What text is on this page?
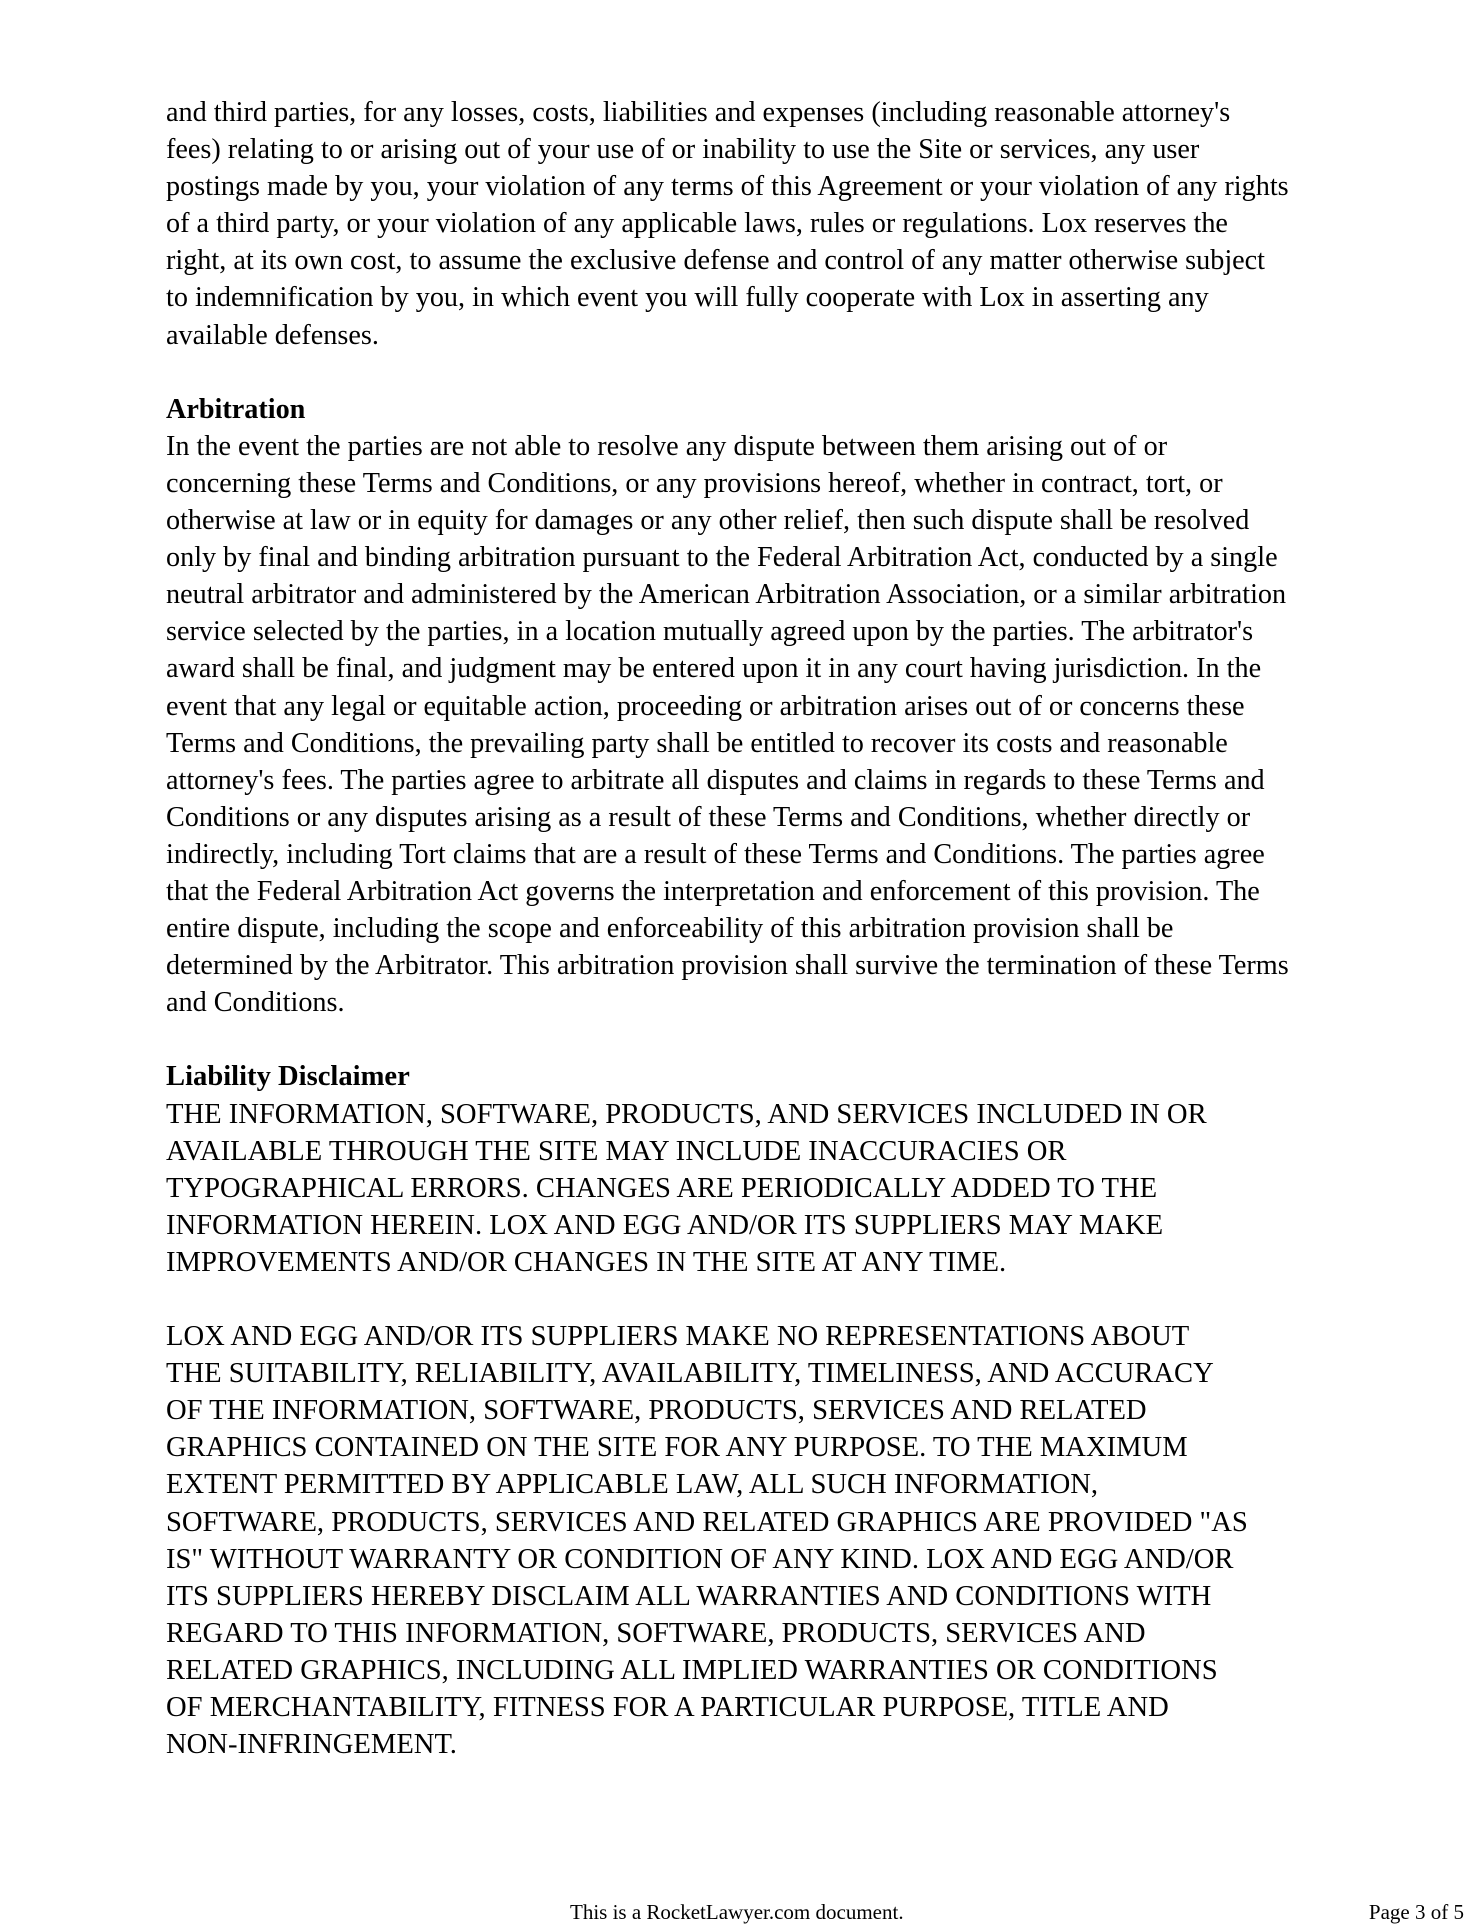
and third parties, for any losses, costs, liabilities and expenses (including reasonable attorney's
fees) relating to or arising out of your use of or inability to use the Site or services, any user
postings made by you, your violation of any terms of this Agreement or your violation of any rights
of a third party, or your violation of any applicable laws, rules or regulations. Lox reserves the
right, at its own cost, to assume the exclusive defense and control of any matter otherwise subject
to indemnification by you, in which event you will fully cooperate with Lox in asserting any
available defenses.
Arbitration
In the event the parties are not able to resolve any dispute between them arising out of or
concerning these Terms and Conditions, or any provisions hereof, whether in contract, tort, or
otherwise at law or in equity for damages or any other relief, then such dispute shall be resolved
only by final and binding arbitration pursuant to the Federal Arbitration Act, conducted by a single
neutral arbitrator and administered by the American Arbitration Association, or a similar arbitration
service selected by the parties, in a location mutually agreed upon by the parties. The arbitrator's
award shall be final, and judgment may be entered upon it in any court having jurisdiction. In the
event that any legal or equitable action, proceeding or arbitration arises out of or concerns these
Terms and Conditions, the prevailing party shall be entitled to recover its costs and reasonable
attorney's fees. The parties agree to arbitrate all disputes and claims in regards to these Terms and
Conditions or any disputes arising as a result of these Terms and Conditions, whether directly or
indirectly, including Tort claims that are a result of these Terms and Conditions. The parties agree
that the Federal Arbitration Act governs the interpretation and enforcement of this provision. The
entire dispute, including the scope and enforceability of this arbitration provision shall be
determined by the Arbitrator. This arbitration provision shall survive the termination of these Terms
and Conditions.
Liability Disclaimer
THE INFORMATION, SOFTWARE, PRODUCTS, AND SERVICES INCLUDED IN OR
AVAILABLE THROUGH THE SITE MAY INCLUDE INACCURACIES OR
TYPOGRAPHICAL ERRORS. CHANGES ARE PERIODICALLY ADDED TO THE
INFORMATION HEREIN. LOX AND EGG AND/OR ITS SUPPLIERS MAY MAKE
IMPROVEMENTS AND/OR CHANGES IN THE SITE AT ANY TIME.
LOX AND EGG AND/OR ITS SUPPLIERS MAKE NO REPRESENTATIONS ABOUT
THE SUITABILITY, RELIABILITY, AVAILABILITY, TIMELINESS, AND ACCURACY
OF THE INFORMATION, SOFTWARE, PRODUCTS, SERVICES AND RELATED
GRAPHICS CONTAINED ON THE SITE FOR ANY PURPOSE. TO THE MAXIMUM
EXTENT PERMITTED BY APPLICABLE LAW, ALL SUCH INFORMATION,
SOFTWARE, PRODUCTS, SERVICES AND RELATED GRAPHICS ARE PROVIDED "AS
IS" WITHOUT WARRANTY OR CONDITION OF ANY KIND. LOX AND EGG AND/OR
ITS SUPPLIERS HEREBY DISCLAIM ALL WARRANTIES AND CONDITIONS WITH
REGARD TO THIS INFORMATION, SOFTWARE, PRODUCTS, SERVICES AND
RELATED GRAPHICS, INCLUDING ALL IMPLIED WARRANTIES OR CONDITIONS
OF MERCHANTABILITY, FITNESS FOR A PARTICULAR PURPOSE, TITLE AND
NON-INFRINGEMENT.
This is a RocketLawyer.com document.	Page 3 of 5
